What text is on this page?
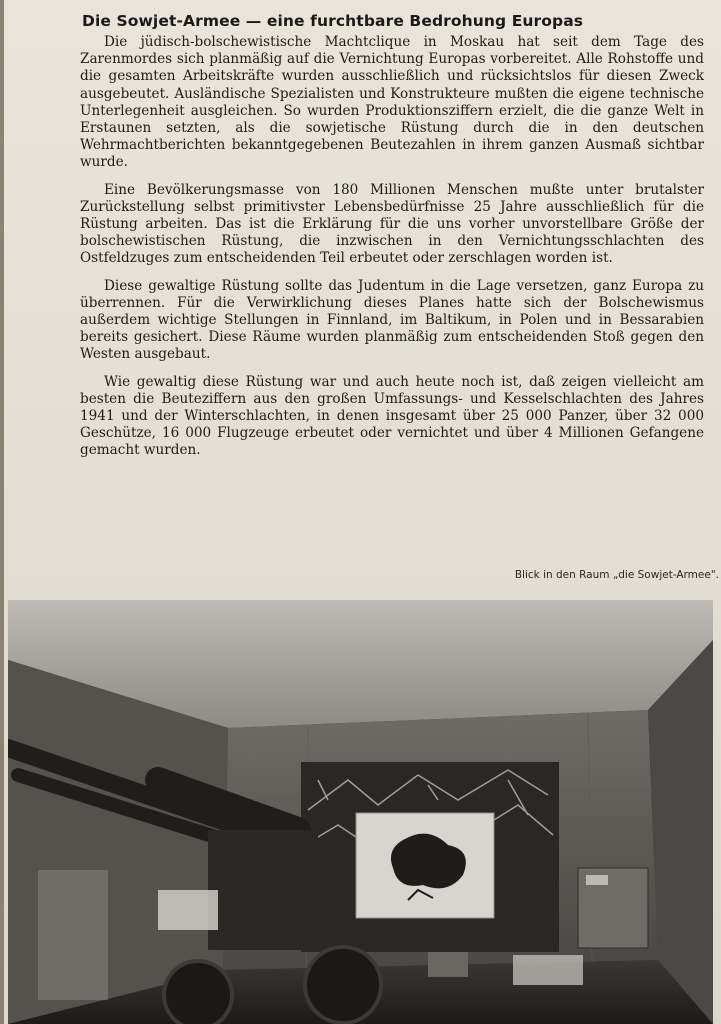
Die Sowjet-Armee — eine furchtbare Bedrohung Europas

Die jüdisch-bolschewistische Machtclique in Moskau hat seit dem Tage des Zarenmordes sich planmäßig auf die Vernichtung Europas vorbereitet. Alle Rohstoffe und die gesamten Arbeitskräfte wurden ausschließlich und rücksichtslos für diesen Zweck ausgebeutet. Ausländische Spezialisten und Konstrukteure mußten die eigene technische Unterlegenheit ausgleichen. So wurden Produktionsziffern erzielt, die die ganze Welt in Erstaunen setzten, als die sowjetische Rüstung durch die in den deutschen Wehrmachtberichten bekanntgegebenen Beutezahlen in ihrem ganzen Ausmaß sichtbar wurde.

Eine Bevölkerungsmasse von 180 Millionen Menschen mußte unter brutalster Zurückstellung selbst primitivster Lebensbedürfnisse 25 Jahre ausschließlich für die Rüstung arbeiten. Das ist die Erklärung für die uns vorher unvorstellbare Größe der bolschewistischen Rüstung, die inzwischen in den Vernichtungsschlachten des Ostfeldzuges zum entscheidenden Teil erbeutet oder zerschlagen worden ist.

Diese gewaltige Rüstung sollte das Judentum in die Lage versetzen, ganz Europa zu überrennen. Für die Verwirklichung dieses Planes hatte sich der Bolschewismus außerdem wichtige Stellungen in Finnland, im Baltikum, in Polen und in Bessarabien bereits gesichert. Diese Räume wurden planmäßig zum entscheidenden Stoß gegen den Westen ausgebaut.

Wie gewaltig diese Rüstung war und auch heute noch ist, daß zeigen vielleicht am besten die Beuteziffern aus den großen Umfassungs- und Kesselschlachten des Jahres 1941 und der Winterschlachten, in denen insgesamt über 25 000 Panzer, über 32 000 Geschütze, 16 000 Flugzeuge erbeutet oder vernichtet und über 4 Millionen Gefangene gemacht wurden.

Blick in den Raum „die Sowjet-Armee".
